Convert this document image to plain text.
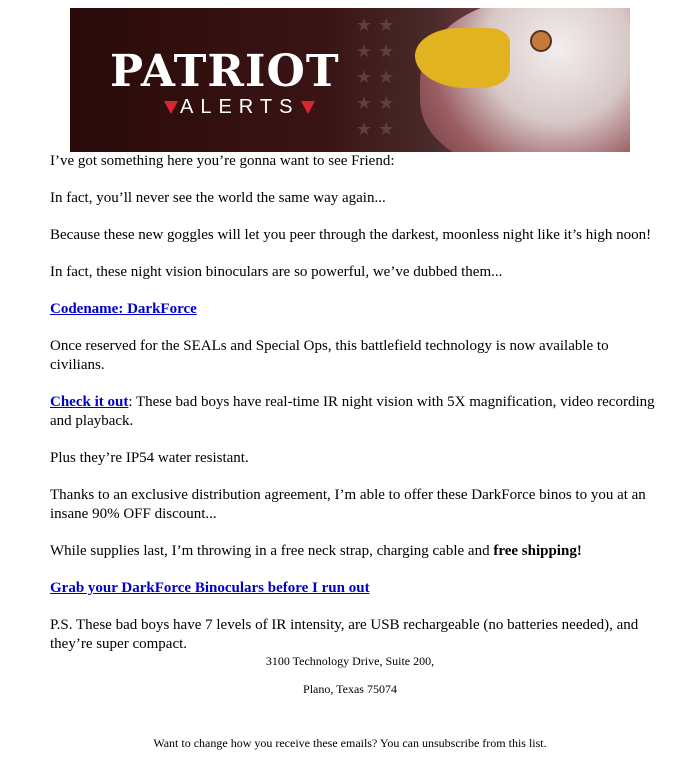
★★★★★★★★★★
PATRIOT
ALERTS

I’ve got something here you’re gonna want to see Friend:

In fact, you’ll never see the world the same way again...

Because these new goggles will let you peer through the darkest, moonless night like it’s high noon!

In fact, these night vision binoculars are so powerful, we’ve dubbed them...

Codename: DarkForce

Once reserved for the SEALs and Special Ops, this battlefield technology is now available to civilians.

Check it out: These bad boys have real-time IR night vision with 5X magnification, video recording and playback.

Plus they’re IP54 water resistant.

Thanks to an exclusive distribution agreement, I’m able to offer these DarkForce binos to you at an insane 90% OFF discount...

While supplies last, I’m throwing in a free neck strap, charging cable and free shipping!

Grab your DarkForce Binoculars before I run out

P.S. These bad boys have 7 levels of IR intensity, are USB rechargeable (no batteries needed), and they’re super compact.

3100 Technology Drive, Suite 200,
Plano, Texas 75074
Want to change how you receive these emails? You can unsubscribe from this list.
